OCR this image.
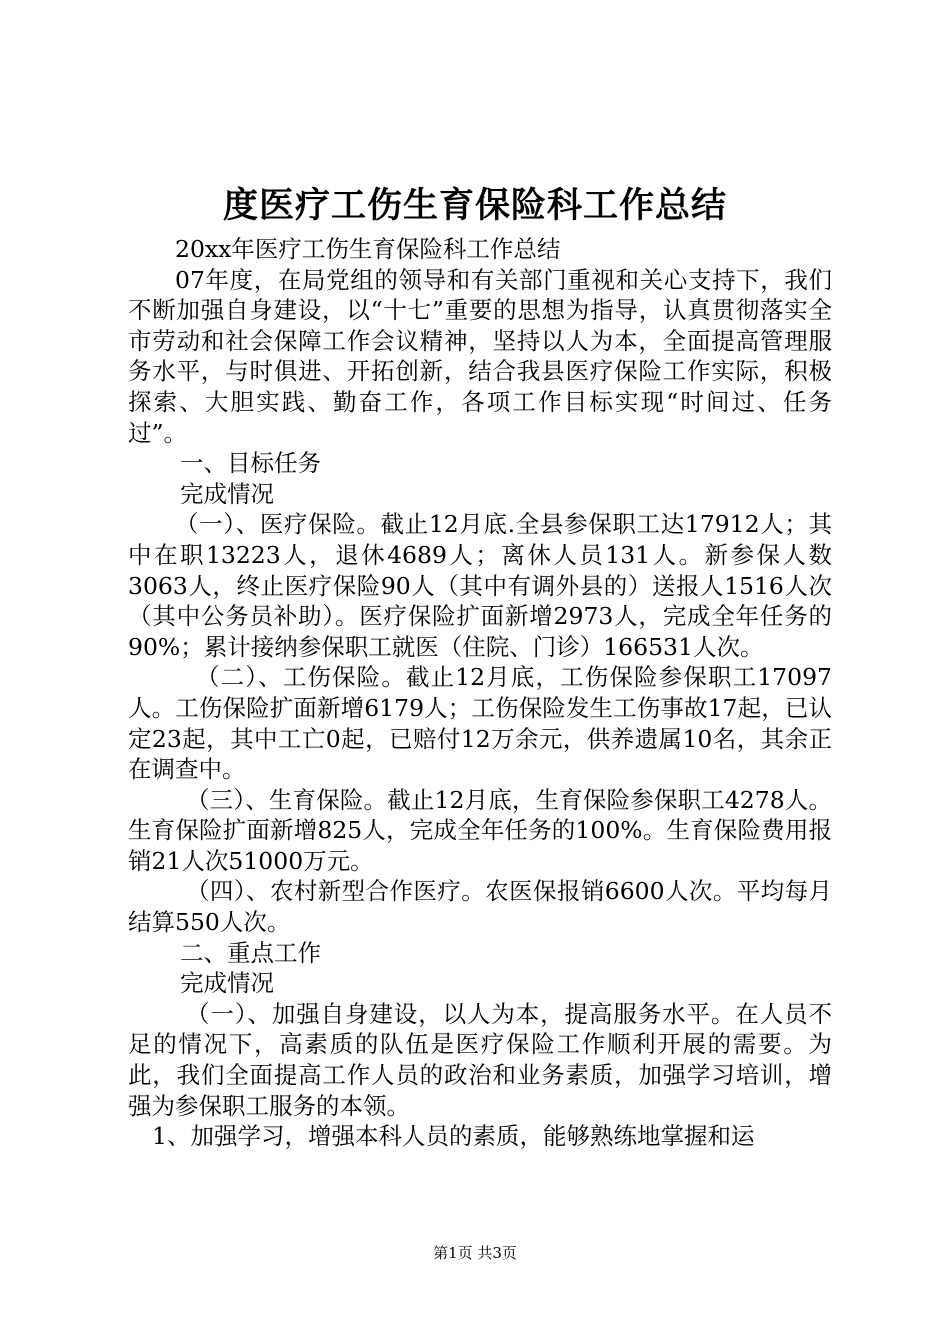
度医疗工伤生育保险科工作总结

20xx年医疗工伤生育保险科工作总结

07年度，在局党组的领导和有关部门重视和关心支持下，我们不断加强自身建设，以“十七”重要的思想为指导，认真贯彻落实全市劳动和社会保障工作会议精神，坚持以人为本，全面提高管理服务水平，与时俱进、开拓创新，结合我县医疗保险工作实际，积极探索、大胆实践、勤奋工作，各项工作目标实现“时间过、任务过”。

一、目标任务

完成情况

（一）、医疗保险。截止12月底.全县参保职工达17912人；其中在职13223人，退休4689人；离休人员131人。新参保人数3063人，终止医疗保险90人（其中有调外县的）送报人1516人次（其中公务员补助）。医疗保险扩面新增2973人，完成全年任务的90%；累计接纳参保职工就医（住院、门诊）166531人次。

（二）、工伤保险。截止12月底，工伤保险参保职工17097人。工伤保险扩面新增6179人；工伤保险发生工伤事故17起，已认定23起，其中工亡0起，已赔付12万余元，供养遗属10名，其余正在调查中。

（三）、生育保险。截止12月底，生育保险参保职工4278人。生育保险扩面新增825人，完成全年任务的100%。生育保险费用报销21人次51000万元。

（四）、农村新型合作医疗。农医保报销6600人次。平均每月结算550人次。

二、重点工作

完成情况

（一）、加强自身建设，以人为本，提高服务水平。在人员不足的情况下，高素质的队伍是医疗保险工作顺利开展的需要。为此，我们全面提高工作人员的政治和业务素质，加强学习培训，增强为参保职工服务的本领。

1、加强学习，增强本科人员的素质，能够熟练地掌握和运

第1页 共3页
